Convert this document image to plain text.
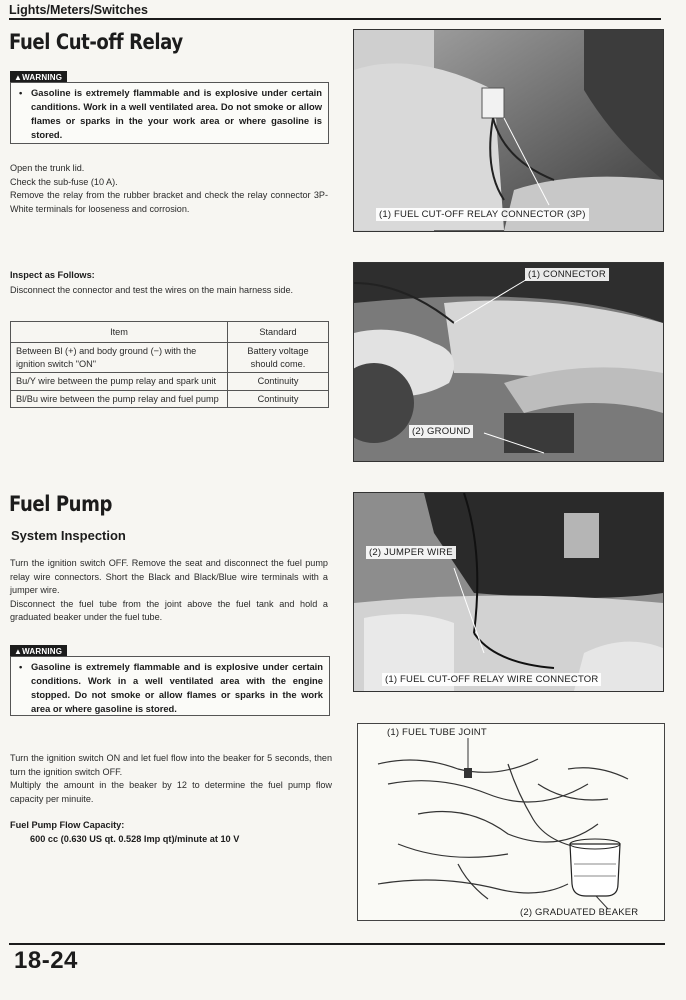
Lights/Meters/Switches
Fuel Cut-off Relay
▲WARNING
• Gasoline is extremely flammable and is explosive under certain canditions. Work in a well ventilated area. Do not smoke or allow flames or sparks in the your work area or where gasoline is stored.

Open the trunk lid.

Check the sub-fuse (10 A).

Remove the relay from the rubber bracket and check the relay connector 3P-White terminals for looseness and corrosion.

Inspect as Follows:
Disconnect the connector and test the wires on the main harness side.
Item	Standard
Between Bl (+) and body ground (−) with the ignition switch "ON"	Battery voltage should come.
Bu/Y wire between the pump relay and spark unit	Continuity
Bl/Bu wire between the pump relay and fuel pump	Continuity
Fuel Pump
System Inspection

Turn the ignition switch OFF. Remove the seat and disconnect the fuel pump relay wire connectors. Short the Black and Black/Blue wire terminals with a jumper wire.

Disconnect the fuel tube from the joint above the fuel tank and hold a graduated beaker under the fuel tube.

▲WARNING
• Gasoline is extremely flammable and is explosive under certain conditions. Work in a well ventilated area with the engine stopped. Do not smoke or allow flames or sparks in the work area or where gasoline is stored.

Turn the ignition switch ON and let fuel flow into the beaker for 5 seconds, then turn the ignition switch OFF.

Multiply the amount in the beaker by 12 to determine the fuel pump flow capacity per minuite.

Fuel Pump Flow Capacity:
600 cc (0.630 US qt. 0.528 Imp qt)/minute at 10 V
(1) FUEL CUT-OFF RELAY CONNECTOR (3P)
(1) CONNECTOR
(2) GROUND
(2) JUMPER WIRE
(1) FUEL CUT-OFF RELAY WIRE CONNECTOR
(1) FUEL TUBE JOINT
(2) GRADUATED BEAKER
18-24
